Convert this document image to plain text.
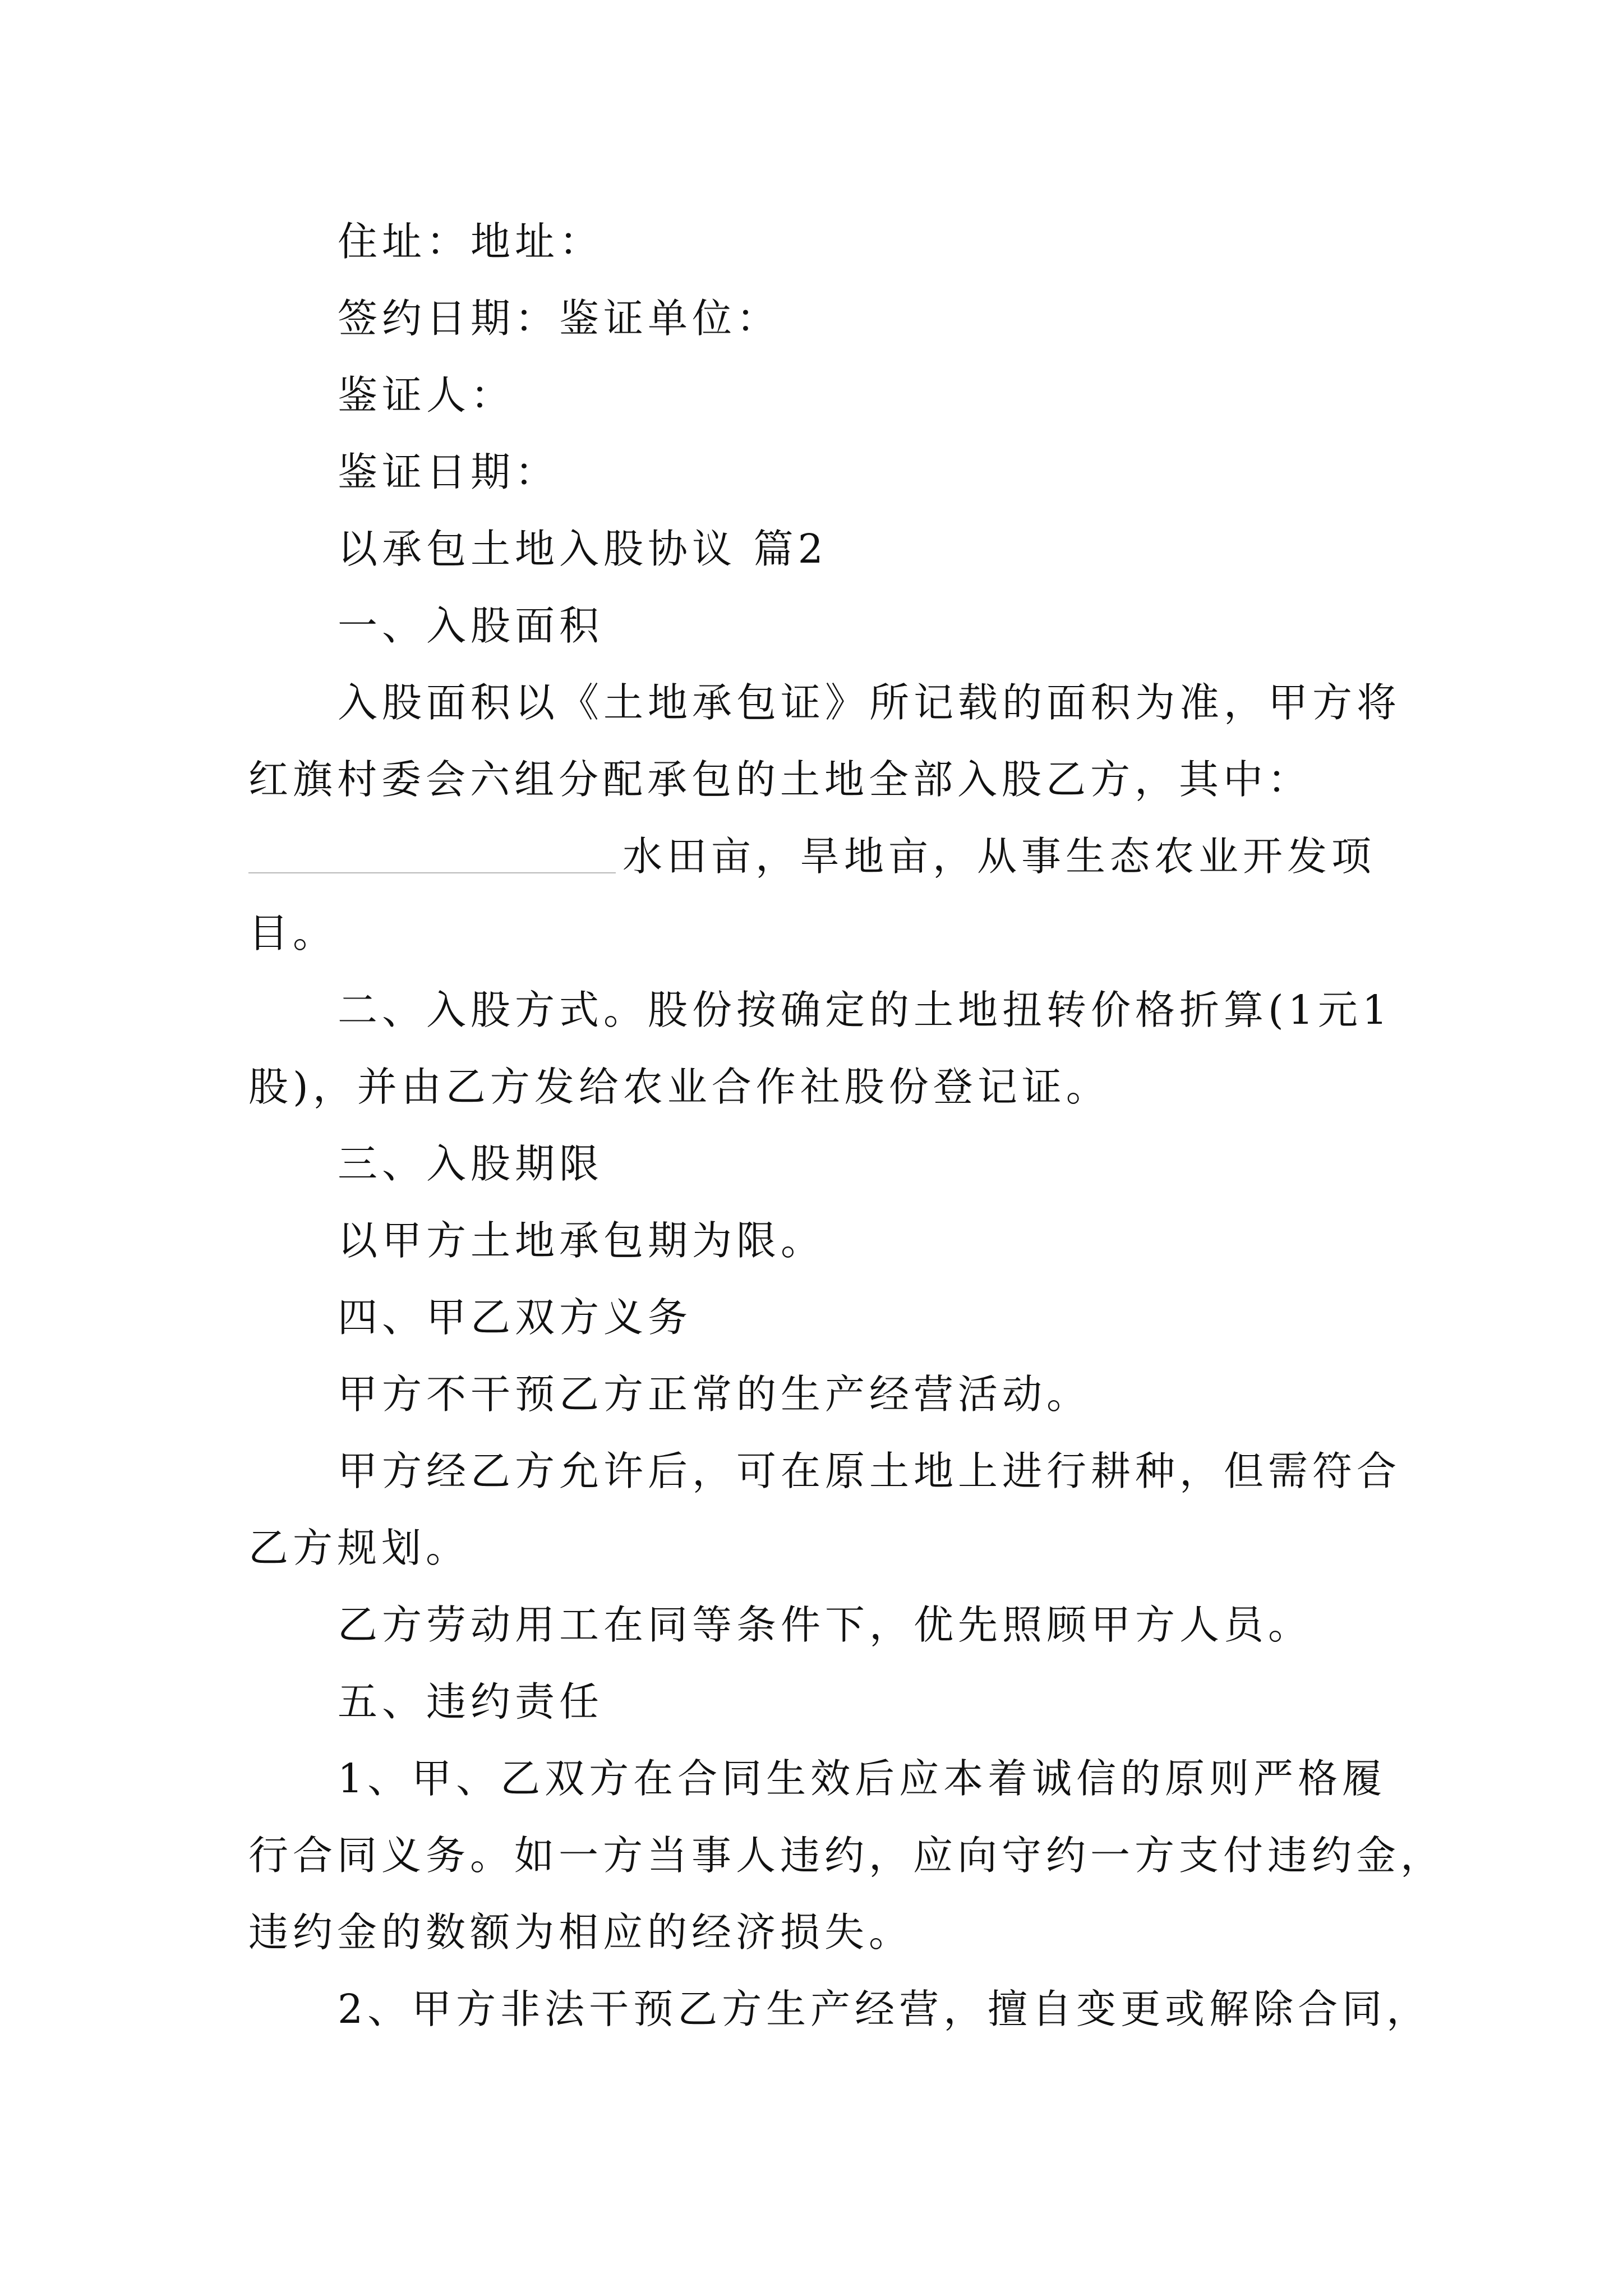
住址：地址：

签约日期：鉴证单位：

鉴证人：

鉴证日期：

以承包土地入股协议 篇2

一、入股面积

入股面积以《土地承包证》所记载的面积为准，甲方将

红旗村委会六组分配承包的土地全部入股乙方，其中：

水田亩，旱地亩，从事生态农业开发项

目。

二、入股方式。股份按确定的土地扭转价格折算(1元1

股)，并由乙方发给农业合作社股份登记证。

三、入股期限

以甲方土地承包期为限。

四、甲乙双方义务

甲方不干预乙方正常的生产经营活动。

甲方经乙方允许后，可在原土地上进行耕种，但需符合

乙方规划。

乙方劳动用工在同等条件下，优先照顾甲方人员。

五、违约责任

1、甲、乙双方在合同生效后应本着诚信的原则严格履

行合同义务。如一方当事人违约，应向守约一方支付违约金，

违约金的数额为相应的经济损失。

2、甲方非法干预乙方生产经营，擅自变更或解除合同，
